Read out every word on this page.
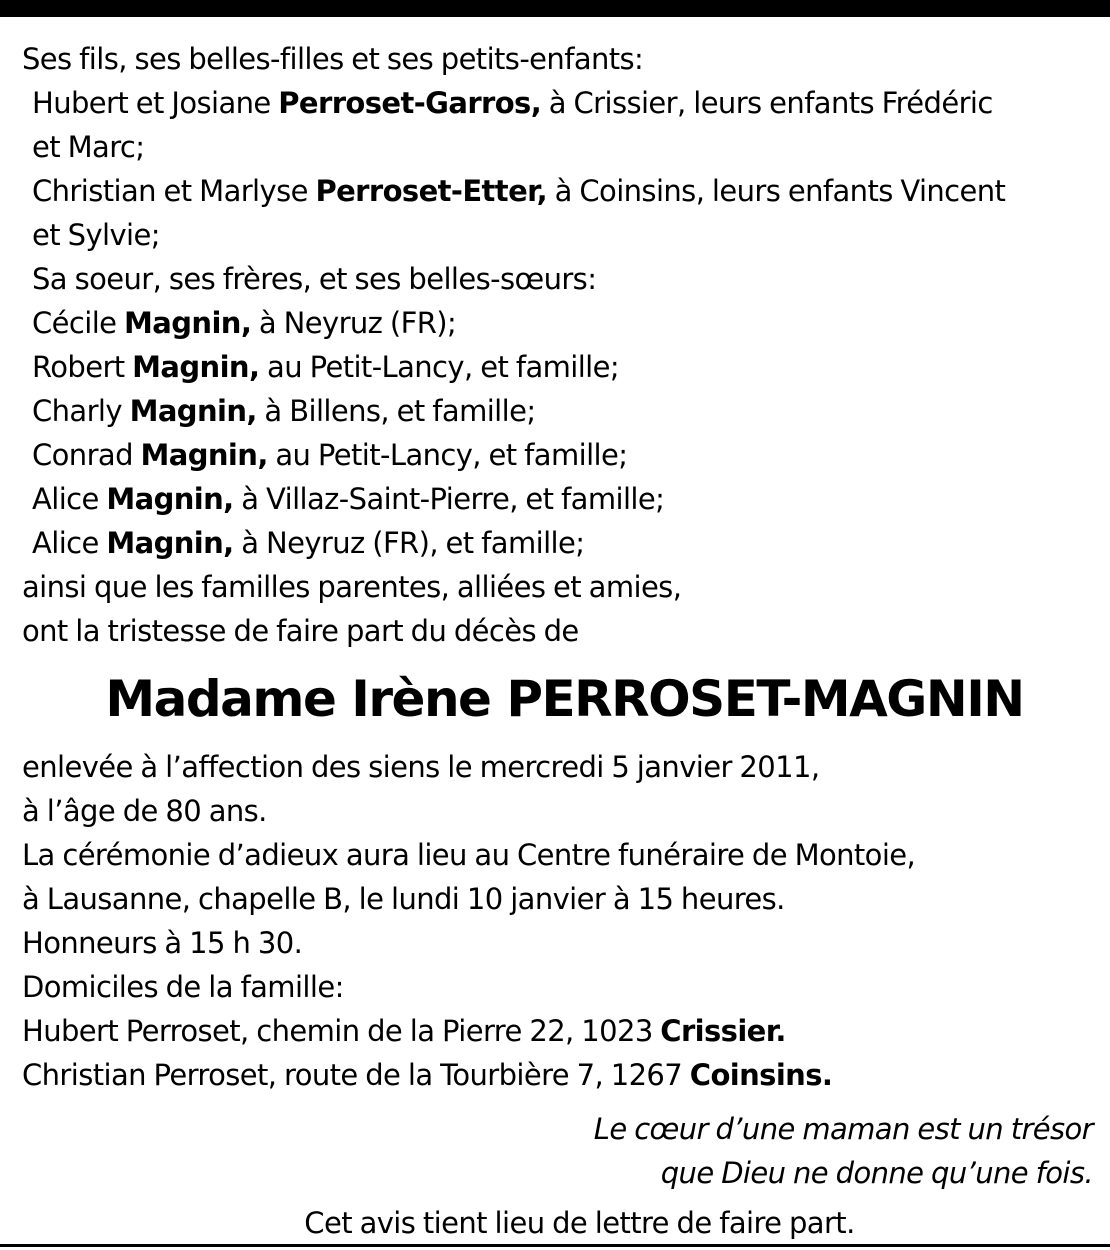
Ses fils, ses belles-filles et ses petits-enfants:
Hubert et Josiane Perroset-Garros, à Crissier, leurs enfants Frédéric
et Marc;
Christian et Marlyse Perroset-Etter, à Coinsins, leurs enfants Vincent
et Sylvie;
Sa soeur, ses frères, et ses belles-sœurs:
Cécile Magnin, à Neyruz (FR);
Robert Magnin, au Petit-Lancy, et famille;
Charly Magnin, à Billens, et famille;
Conrad Magnin, au Petit-Lancy, et famille;
Alice Magnin, à Villaz-Saint-Pierre, et famille;
Alice Magnin, à Neyruz (FR), et famille;
ainsi que les familles parentes, alliées et amies,
ont la tristesse de faire part du décès de
Madame Irène PERROSET-MAGNIN
enlevée à l’affection des siens le mercredi 5 janvier 2011,
à l’âge de 80 ans.
La cérémonie d’adieux aura lieu au Centre funéraire de Montoie,
à Lausanne, chapelle B, le lundi 10 janvier à 15 heures.
Honneurs à 15 h 30.
Domiciles de la famille:
Hubert Perroset, chemin de la Pierre 22, 1023 Crissier.
Christian Perroset, route de la Tourbière 7, 1267 Coinsins.
Le cœur d’une maman est un trésor
que Dieu ne donne qu’une fois.
Cet avis tient lieu de lettre de faire part.
